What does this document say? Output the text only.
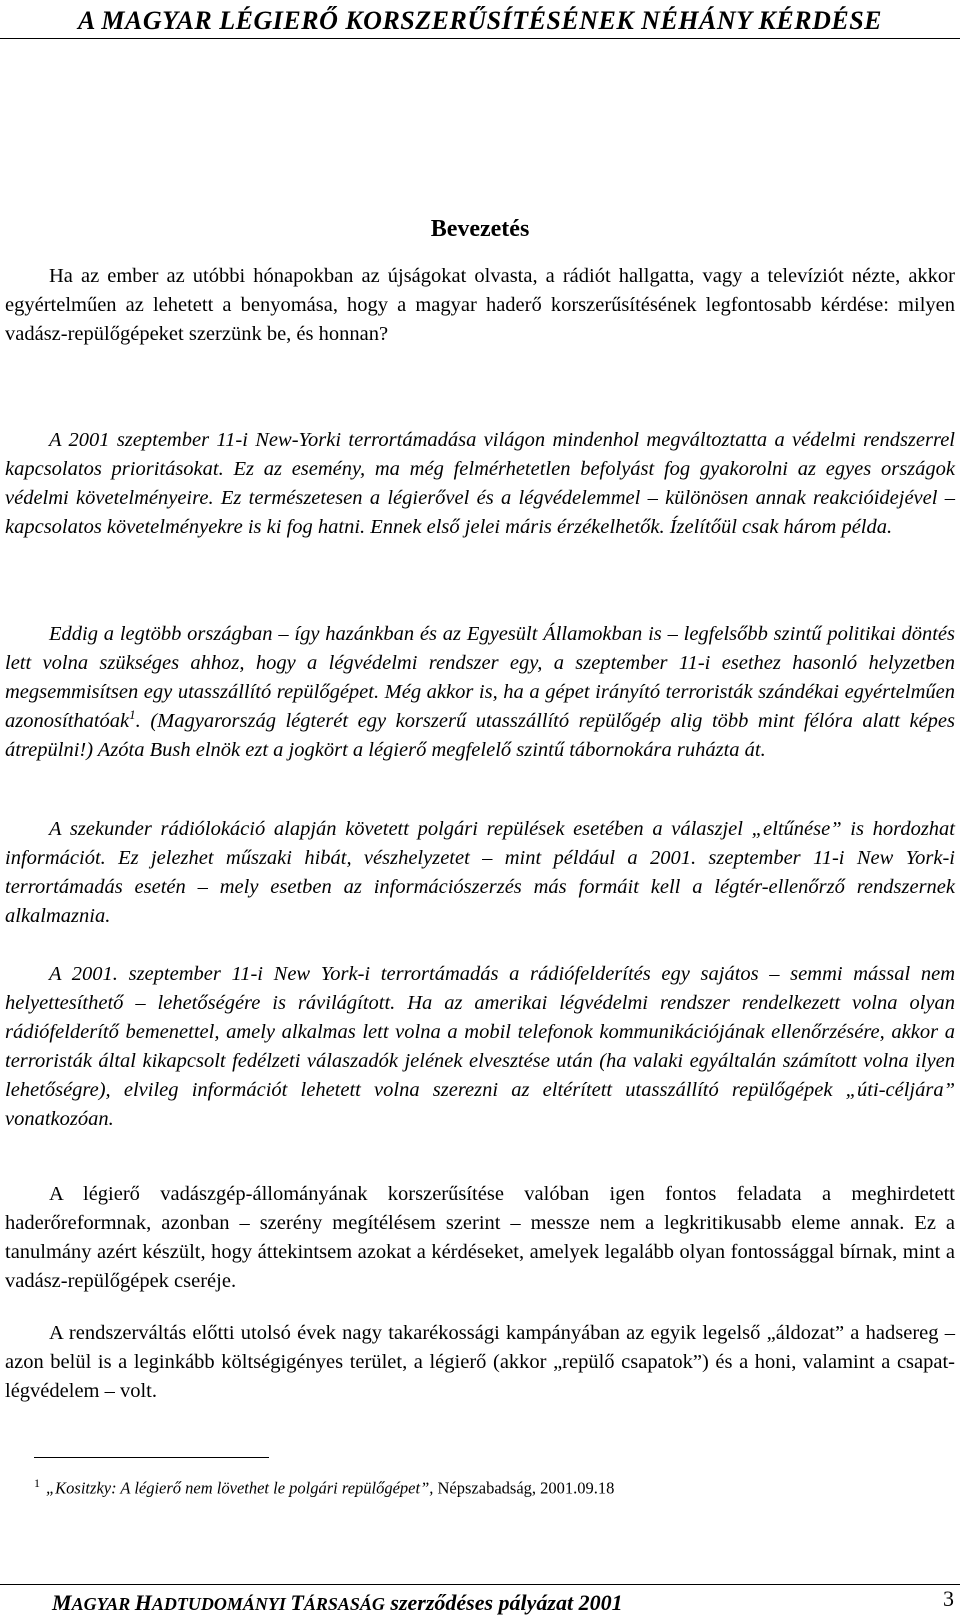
A MAGYAR LÉGIERŐ KORSZERŰSÍTÉSÉNEK NÉHÁNY KÉRDÉSE
Bevezetés

Ha az ember az utóbbi hónapokban az újságokat olvasta, a rádiót hallgatta, vagy a televíziót nézte, akkor egyértelműen az lehetett a benyomása, hogy a magyar haderő korszerűsítésének legfontosabb kérdése: milyen vadász-repülőgépeket szerzünk be, és honnan?

A 2001 szeptember 11-i New-Yorki terrortámadása világon mindenhol megváltoztatta a védelmi rendszerrel kapcsolatos prioritásokat. Ez az esemény, ma még felmérhetetlen befolyást fog gyakorolni az egyes országok védelmi követelményeire. Ez természetesen a légierővel és a légvédelemmel – különösen annak reakcióidejével – kapcsolatos követelményekre is ki fog hatni. Ennek első jelei máris érzékelhetők. Ízelítőül csak három példa.

Eddig a legtöbb országban – így hazánkban és az Egyesült Államokban is – legfelsőbb szintű politikai döntés lett volna szükséges ahhoz, hogy a légvédelmi rendszer egy, a szeptember 11-i esethez hasonló helyzetben megsemmisítsen egy utasszállító repülőgépet. Még akkor is, ha a gépet irányító terroristák szándékai egyértelműen azonosíthatóak$^1$. (Magyarország légterét egy korszerű utasszállító repülőgép alig több mint félóra alatt képes átrepülni!) Azóta Bush elnök ezt a jogkört a légierő megfelelő szintű tábornokára ruházta át.

A szekunder rádiólokáció alapján követett polgári repülések esetében a válaszjel „eltűnése” is hordozhat információt. Ez jelezhet műszaki hibát, vészhelyzetet – mint például a 2001. szeptember 11-i New York-i terrortámadás esetén – mely esetben az információszerzés más formáit kell a légtér-ellenőrző rendszernek alkalmaznia.

A 2001. szeptember 11-i New York-i terrortámadás a rádiófelderítés egy sajátos – semmi mással nem helyettesíthető – lehetőségére is rávilágított. Ha az amerikai légvédelmi rendszer rendelkezett volna olyan rádiófelderítő bemenettel, amely alkalmas lett volna a mobil telefonok kommunikációjának ellenőrzésére, akkor a terroristák által kikapcsolt fedélzeti válaszadók jelének elvesztése után (ha valaki egyáltalán számított volna ilyen lehetőségre), elvileg információt lehetett volna szerezni az eltérített utasszállító repülőgépek „úti-céljára” vonatkozóan.

A légierő vadászgép-állományának korszerűsítése valóban igen fontos feladata a meghirdetett haderőreformnak, azonban – szerény megítélésem szerint – messze nem a legkritikusabb eleme annak. Ez a tanulmány azért készült, hogy áttekintsem azokat a kérdéseket, amelyek legalább olyan fontossággal bírnak, mint a vadász-repülőgépek cseréje.

A rendszerváltás előtti utolsó évek nagy takarékossági kampányában az egyik legelső „áldozat” a hadsereg – azon belül is a leginkább költségigényes terület, a légierő (akkor „repülő csapatok”) és a honi, valamint a csapat-légvédelem – volt.

$^1$ „Kositzky: A légierő nem lövethet le polgári repülőgépet”, Népszabadság, 2001.09.18
MAGYAR HADTUDOMÁNYI TÁRSASÁG szerződéses pályázat 2001	3
